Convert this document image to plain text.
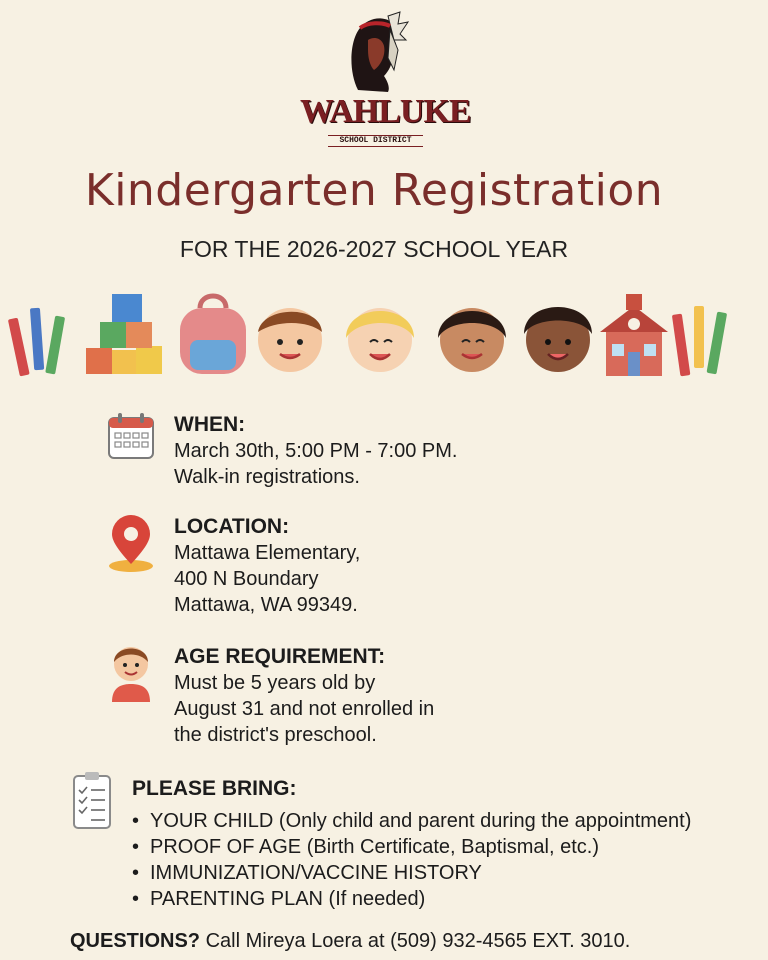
WAHLUKE
SCHOOL DISTRICT
Kindergarten Registration
FOR THE 2026-2027 SCHOOL YEAR
WHEN:
March 30th, 5:00 PM - 7:00 PM.
Walk-in registrations.
LOCATION:
Mattawa Elementary,
400 N Boundary
Mattawa, WA 99349.
AGE REQUIREMENT:
Must be 5 years old by
August 31 and not enrolled in
the district's preschool.
PLEASE BRING:
• YOUR CHILD (Only child and parent during the appointment)
• PROOF OF AGE (Birth Certificate, Baptismal, etc.)
• IMMUNIZATION/VACCINE HISTORY
• PARENTING PLAN (If needed)
QUESTIONS? Call Mireya Loera at (509) 932-4565 EXT. 3010.
